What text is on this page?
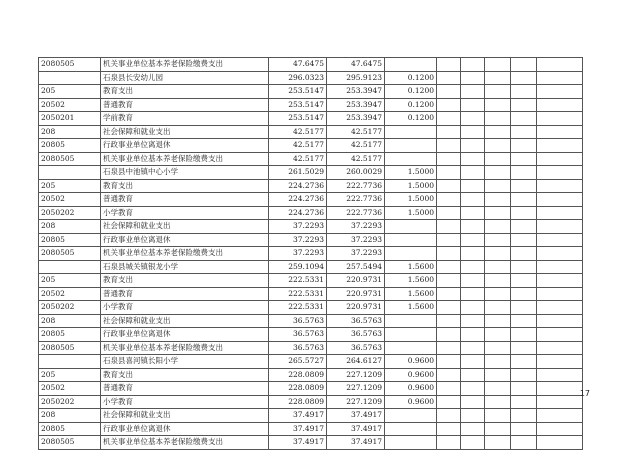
2080505	机关事业单位基本养老保险缴费支出	47.6475	47.6475						
	石泉县长安幼儿园	296.0323	295.9123	0.1200					
205	教育支出	253.5147	253.3947	0.1200					
20502	普通教育	253.5147	253.3947	0.1200					
2050201	学前教育	253.5147	253.3947	0.1200					
208	社会保障和就业支出	42.5177	42.5177						
20805	行政事业单位离退休	42.5177	42.5177						
2080505	机关事业单位基本养老保险缴费支出	42.5177	42.5177						
	石泉县中池镇中心小学	261.5029	260.0029	1.5000					
205	教育支出	224.2736	222.7736	1.5000					
20502	普通教育	224.2736	222.7736	1.5000					
2050202	小学教育	224.2736	222.7736	1.5000					
208	社会保障和就业支出	37.2293	37.2293						
20805	行政事业单位离退休	37.2293	37.2293						
2080505	机关事业单位基本养老保险缴费支出	37.2293	37.2293						
	石泉县城关镇银龙小学	259.1094	257.5494	1.5600					
205	教育支出	222.5331	220.9731	1.5600					
20502	普通教育	222.5331	220.9731	1.5600					
2050202	小学教育	222.5331	220.9731	1.5600					
208	社会保障和就业支出	36.5763	36.5763						
20805	行政事业单位离退休	36.5763	36.5763						
2080505	机关事业单位基本养老保险缴费支出	36.5763	36.5763						
	石泉县喜河镇长阳小学	265.5727	264.6127	0.9600					
205	教育支出	228.0809	227.1209	0.9600					
20502	普通教育	228.0809	227.1209	0.9600					
2050202	小学教育	228.0809	227.1209	0.9600					
208	社会保障和就业支出	37.4917	37.4917						
20805	行政事业单位离退休	37.4917	37.4917						
2080505	机关事业单位基本养老保险缴费支出	37.4917	37.4917						
17
